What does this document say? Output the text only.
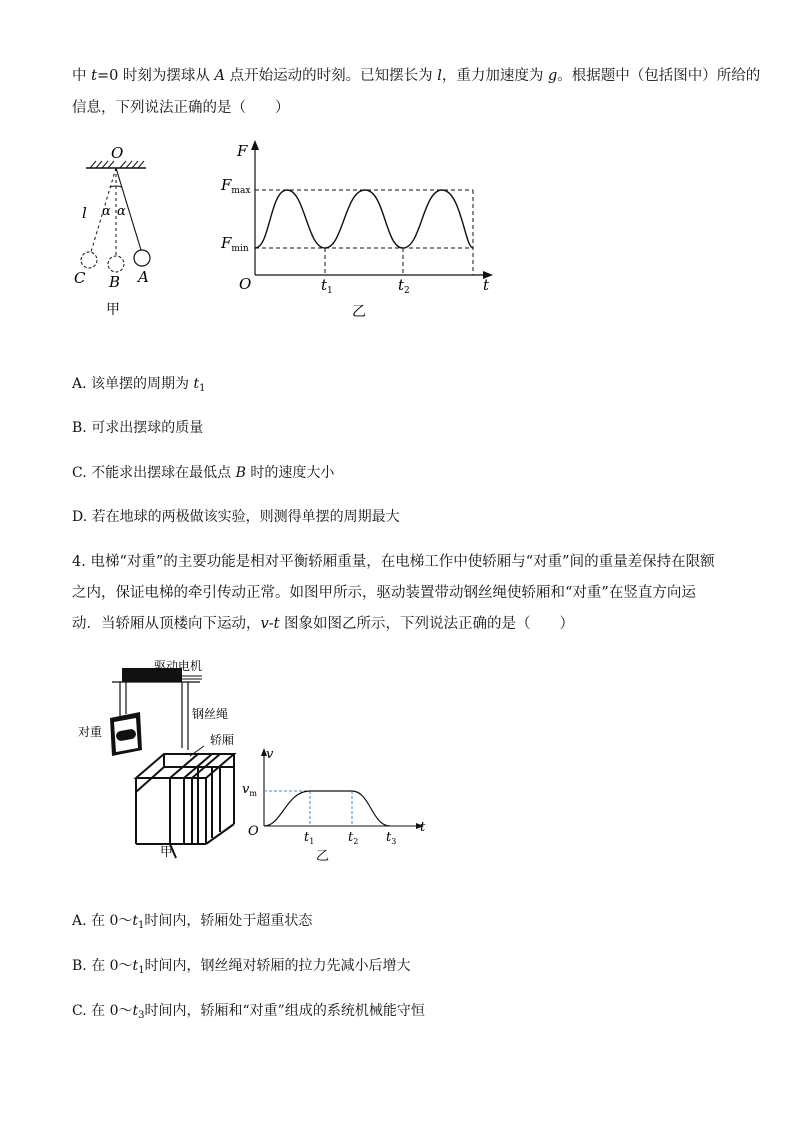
中 t=0 时刻为摆球从 A 点开始运动的时刻。已知摆长为 l，重力加速度为 g。根据题中（包括图中）所给的
信息，下列说法正确的是（　　）
O
α α
l
C B A
甲
F
t
O
$F_{max}$
$F_{min}$
$t_1$	$t_2$
乙
A. 该单摆的周期为 $t_1$
B. 可求出摆球的质量
C. 不能求出摆球在最低点 B 时的速度大小
D. 若在地球的两极做该实验，则测得单摆的周期最大
4. 电梯“对重”的主要功能是相对平衡轿厢重量，在电梯工作中使轿厢与“对重”间的重量差保持在限额
之内，保证电梯的牵引传动正常。如图甲所示，驱动装置带动钢丝绳使轿厢和“对重”在竖直方向运
动．当轿厢从顶楼向下运动，v-t 图象如图乙所示，下列说法正确的是（　　）
驱动电机
对重
钢丝绳
轿厢
甲
v
t
O
$v_m$
$t_1$	$t_2$ $t_3$
乙
A. 在 $0\sim t_1$时间内，轿厢处于超重状态
B. 在 $0\sim t_1$时间内，钢丝绳对轿厢的拉力先减小后增大
C. 在 $0\sim t_3$时间内，轿厢和“对重”组成的系统机械能守恒
